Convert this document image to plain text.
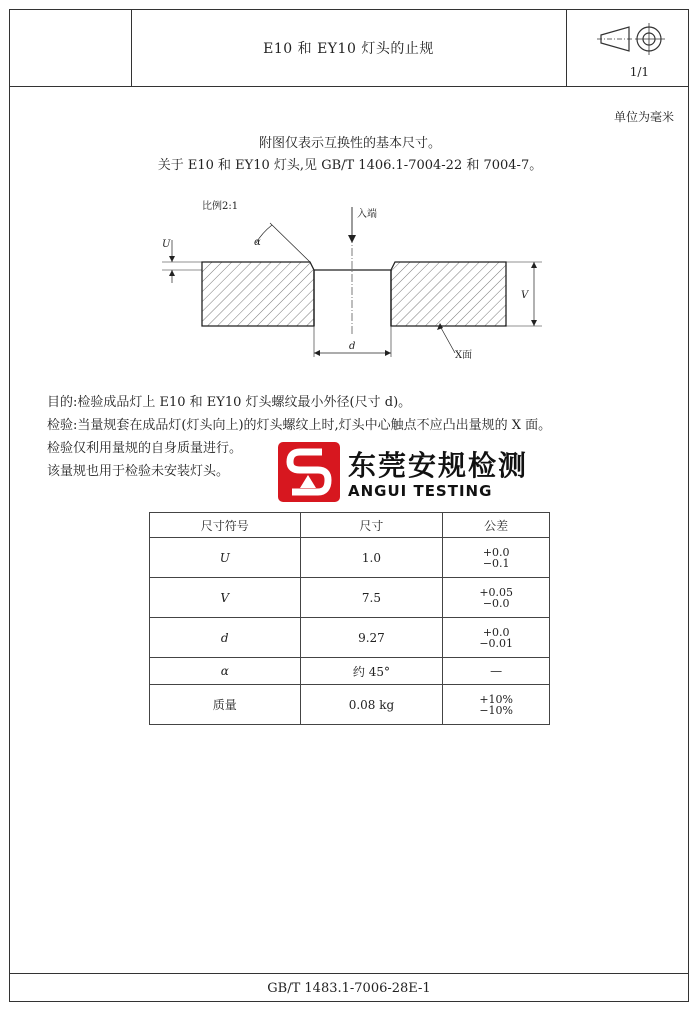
E10 和 EY10 灯头的止规
1/1
单位为毫米
附图仅表示互换性的基本尺寸。
关于 E10 和 EY10 灯头,见 GB/T 1406.1-7004-22 和 7004-7。
比例2:1
入端
U	α
V
d
X面
目的:检验成品灯上 E10 和 EY10 灯头螺纹最小外径(尺寸 d)。
检验:当量规套在成品灯(灯头向上)的灯头螺纹上时,灯头中心触点不应凸出量规的 X 面。
检验仅利用量规的自身质量进行。
该量规也用于检验未安装灯头。	东莞安规检测
ANGUI TESTING
尺寸符号	尺寸	公差
U	1.0	+0.0
−0.1

V	7.5	+0.05
−0.0

d	9.27	+0.0
−0.01

α	约 45°	—
质量	0.08 kg	+10%
−10%
GB/T 1483.1-7006-28E-1
